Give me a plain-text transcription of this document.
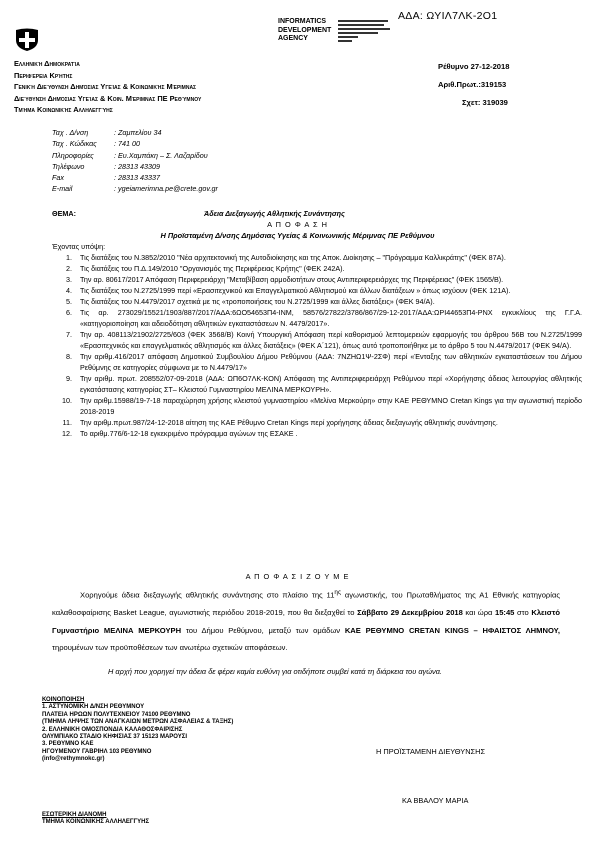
ΑΔΑ: ΩΥΙΛ7ΛΚ-2Ο1
INFORMATICS
DEVELOPMENT
AGENCY
Ελληνική Δημοκρατία
Περιφέρεια Κρήτης
Γενική Διεύθυνση Δημόσιας Υγείας & Κοινωνικής Μέριμνας
Διεύθυνση Δημόσιας Υγείας & Κοιν. Μέριμνας ΠΕ Ρεθύμνου
Τμήμα Κοινωνικής Αλληλεγγύης
Ρέθυμνο 27-12-2018
Αριθ.Πρωτ.:319153
Σχετ: 319039
Ταχ . Δ/νση	: Ζαμπελίου 34
Ταχ . Κώδικας : 741 00
Πληροφορίες	: Ευ.Χαμπάκη – Σ. Λαζαρίδου
Τηλέφωνο	: 28313 43309
Fax	: 28313 43337
E-mail	: ygeiamerimna.pe@crete.gov.gr
ΘΕΜΑ:	Άδεια Διεξαγωγής Αθλητικής Συνάντησης
Α Π Ο Φ Α Σ Η
Η Προϊσταμένη Δ/νσης Δημόσιας Υγείας & Κοινωνικής Μέριμνας ΠΕ Ρεθύμνου
Έχοντας υπόψη:
1. Τις διατάξεις του Ν.3852/2010 "Νέα αρχιτεκτονική της Αυτοδιοίκησης και της Αποκ. Διοίκησης – "Πρόγραμμα Καλλικράτης" (ΦΕΚ 87Α).
2. Τις διατάξεις του Π.Δ.149/2010 "Οργανισμός της Περιφέρειας Κρήτης" (ΦΕΚ 242Α).
3. Την αρ. 80617/2017 Απόφαση Περιφερειάρχη "Μεταβίβαση αρμοδιοτήτων στους Αντιπεριφερειάρχες της Περιφέρειας" (ΦΕΚ 1565/Β).
4. Τις διατάξεις του Ν.2725/1999 περί «Ερασιτεχνικού και Επαγγελματικού Αθλητισμού και άλλων διατάξεων » όπως ισχύουν (ΦΕΚ 121Α).
5. Τις διατάξεις του Ν.4479/2017 σχετικά με τις «τροποποιήσεις του Ν.2725/1999 και άλλες διατάξεις» (ΦΕΚ 94/Α).
6. Τις αρ. 273029/15521/1903/887/2017/ΑΔΑ:6ΩΟ54653Π4-ΙΝΜ, 58576/27822/3786/867/29-12-2017/ΑΔΑ:ΩΡΙ44653Π4-ΡΝΧ εγκυκλίους της Γ.Γ.Α. «κατηγοριοποίηση και αδειοδότηση αθλητικών εγκαταστάσεων Ν. 4479/2017».
7. Την αρ. 408113/21902/2725/603 (ΦΕΚ 3568/Β) Κοινή Υπουργική Απόφαση περί καθορισμού λεπτομερειών εφαρμογής του άρθρου 56Β του Ν.2725/1999 «Ερασιτεχνικός και επαγγελματικός αθλητισμός και άλλες διατάξεις» (ΦΕΚ Α΄121), όπως αυτό τροποποιήθηκε με το άρθρο 5 του Ν.4479/2017 (ΦΕΚ 94/Α).
8. Την αριθμ.416/2017 απόφαση Δημοτικού Συμβουλίου Δήμου Ρεθύμνου (ΑΔΑ: 7ΝΖΗΩ1Ψ-2ΣΦ) περί «Ένταξης των αθλητικών εγκαταστάσεων του Δήμου Ρεθύμνης σε κατηγορίες σύμφωνα με το Ν.4479/17»
9. Την αριθμ. πρωτ. 208552/07-09-2018 (ΑΔΑ: ΩΠ6Ο7ΛΚ-ΚΟΝ) Απόφαση της Αντιπεριφερειάρχη Ρεθύμνου περί «Χορήγησης άδειας λειτουργίας αθλητικής εγκατάστασης κατηγορίας ΣΤ– Κλειστού Γυμναστηρίου ΜΕΛΙΝΑ ΜΕΡΚΟΥΡΗ».
10. Την αριθμ.15988/19-7-18 παραχώρηση χρήσης κλειστού γυμναστηρίου «Μελίνα Μερκούρη» στην ΚΑΕ ΡΕΘΥΜΝΟ Cretan Kings για την αγωνιστική περίοδο 2018-2019
11. Την αριθμ.πρωτ.987/24-12-2018 αίτηση της ΚΑΕ Ρέθυμνο Cretan Kings περί χορήγησης άδειας διεξαγωγής αθλητικής συνάντησης.
12. Το αριθμ.776/6-12-18 εγκεκριμένο πρόγραμμα αγώνων της ΕΣΑΚΕ .
Α Π Ο Φ Α Σ Ι Ζ Ο Υ Μ Ε

Χορηγούμε άδεια διεξαγωγής αθλητικής συνάντησης στο πλαίσιο της $11^{\eta\varsigma}$ αγωνιστικής, του Πρωταθλήματος της Α1 Εθνικής κατηγορίας καλαθοσφαίρισης Basket League, αγωνιστικής περιόδου 2018-2019, που θα διεξαχθεί το Σάββατο 29 Δεκεμβρίου 2018 και ώρα 15:45 στο Κλειστό Γυμναστήριο ΜΕΛΙΝΑ ΜΕΡΚΟΥΡΗ του Δήμου Ρεθύμνου, μεταξύ των ομάδων ΚΑΕ ΡΕΘΥΜΝΟ CRETAN KINGS – ΗΦΑΙΣΤΟΣ ΛΗΜΝΟΥ, τηρουμένων των προϋποθέσεων των ανωτέρω σχετικών αποφάσεων.

Η αρχή που χορηγεί την άδεια δε φέρει καμία ευθύνη για οτιδήποτε συμβεί κατά τη διάρκεια του αγώνα.

ΚΟΙΝΟΠΟΙΗΣΗ
1. ΑΣΤΥΝΟΜΙΚΗ Δ/ΝΣΗ ΡΕΘΥΜΝΟΥ
ΠΛΑΤΕΙΑ ΗΡΩΩΝ ΠΟΛΥΤΕΧΝΕΙΟΥ 74100 ΡΕΘΥΜΝΟ
(ΤΜΗΜΑ ΛΗΨΗΣ ΤΩΝ ΑΝΑΓΚΑΙΩΝ ΜΕΤΡΩΝ ΑΣΦΑΛΕΙΑΣ & ΤΑΞΗΣ)
2. ΕΛΛΗΝΙΚΗ ΟΜΟΣΠΟΝΔΙΑ ΚΑΛΑΘΟΣΦΑΙΡΙΣΗΣ
ΟΛΥΜΠΙΑΚΟ ΣΤΑΔΙΟ ΚΗΦΙΣΙΑΣ 37 15123 ΜΑΡΟΥΣΙ
3. ΡΕΘΥΜΝΟ ΚΑΕ
ΗΓΟΥΜΕΝΟΥ ΓΑΒΡΙΗΛ 103 ΡΕΘΥΜΝΟ
(info@rethymnokc.gr)
ΕΣΩΤΕΡΙΚΗ ΔΙΑΝΟΜΗ
ΤΜΗΜΑ ΚΟΙΝΩΝΙΚΗΣ ΑΛΛΗΛΕΓΓΥΗΣ
Η ΠΡΟΪΣΤΑΜΕΝΗ ΔΙΕΥΘΥΝΣΗΣ
ΚΑ ΒΒΑΛΟΥ ΜΑΡΙΑ
